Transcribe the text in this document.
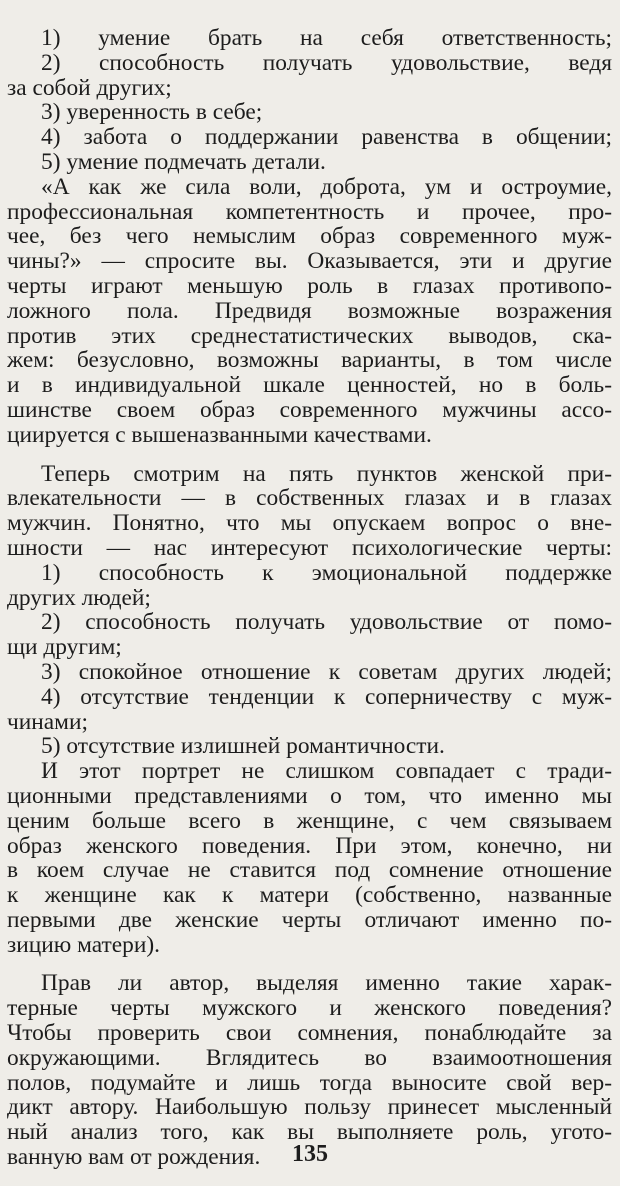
1) умение брать на себя ответственность;
2) способность получать удовольствие, ведя
за собой других;
3) уверенность в себе;
4) забота о поддержании равенства в общении;
5) умение подмечать детали.
«А как же сила воли, доброта, ум и остроумие,
профессиональная компетентность и прочее, про-
чее, без чего немыслим образ современного муж-
чины?» — спросите вы. Оказывается, эти и другие
черты играют меньшую роль в глазах противопо-
ложного пола. Предвидя возможные возражения
против этих среднестатистических выводов, ска-
жем: безусловно, возможны варианты, в том числе
и в индивидуальной шкале ценностей, но в боль-
шинстве своем образ современного мужчины ассо-
циируется с вышеназванными качествами.
Теперь смотрим на пять пунктов женской при-
влекательности — в собственных глазах и в глазах
мужчин. Понятно, что мы опускаем вопрос о вне-
шности — нас интересуют психологические черты:
1) способность к эмоциональной поддержке
других людей;
2) способность получать удовольствие от помо-
щи другим;
3) спокойное отношение к советам других людей;
4) отсутствие тенденции к соперничеству с муж-
чинами;
5) отсутствие излишней романтичности.
И этот портрет не слишком совпадает с тради-
ционными представлениями о том, что именно мы
ценим больше всего в женщине, с чем связываем
образ женского поведения. При этом, конечно, ни
в коем случае не ставится под сомнение отношение
к женщине как к матери (собственно, названные
первыми две женские черты отличают именно по-
зицию матери).
Прав ли автор, выделяя именно такие харак-
терные черты мужского и женского поведения?
Чтобы проверить свои сомнения, понаблюдайте за
окружающими. Вглядитесь во взаимоотношения
полов, подумайте и лишь тогда выносите свой вер-
дикт автору. Наибольшую пользу принесет мысленный
ный анализ того, как вы выполняете роль, угото-
ванную вам от рождения.	135
